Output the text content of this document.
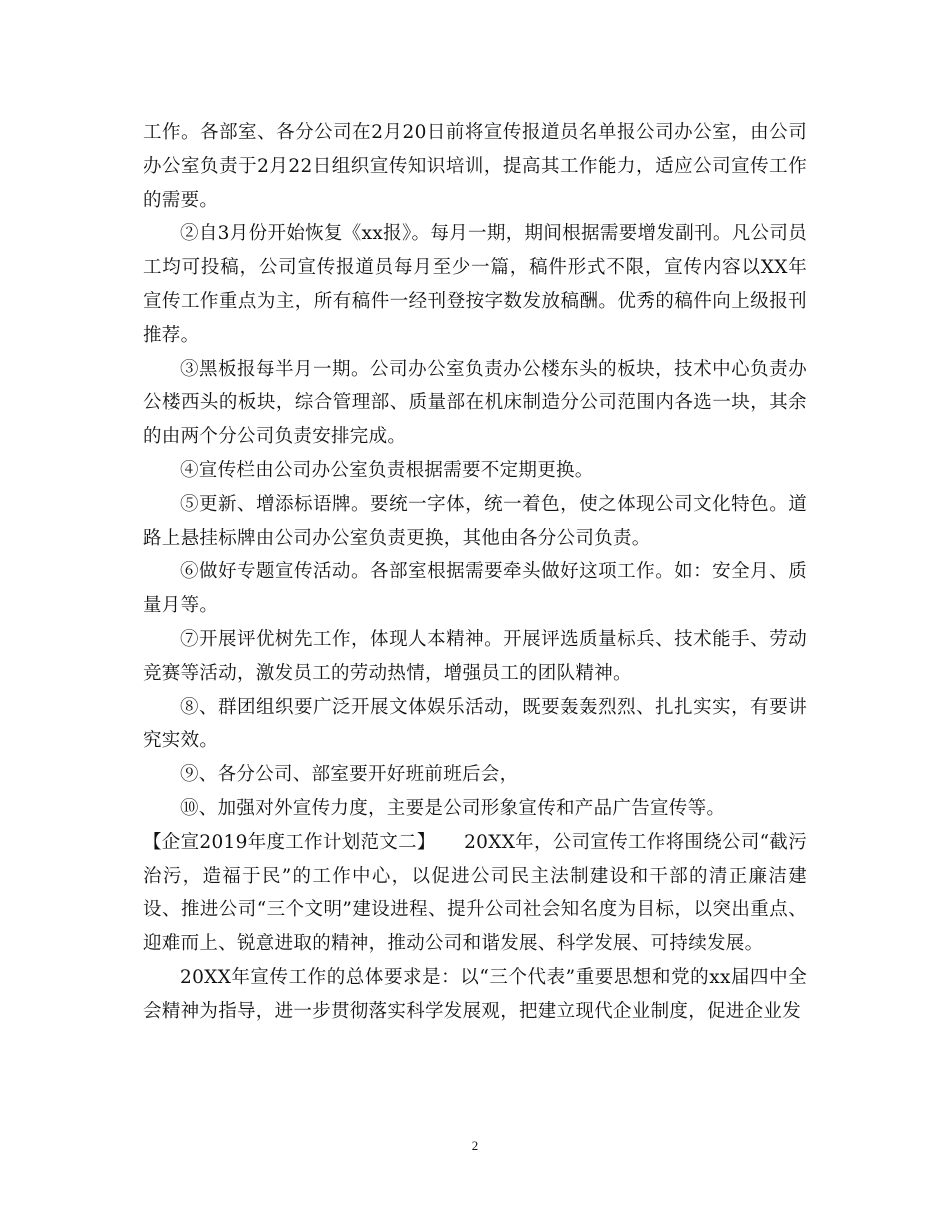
工作。各部室、各分公司在2月20日前将宣传报道员名单报公司办公室，由公司办公室负责于2月22日组织宣传知识培训，提高其工作能力，适应公司宣传工作的需要。

②自3月份开始恢复《xx报》。每月一期，期间根据需要增发副刊。凡公司员工均可投稿，公司宣传报道员每月至少一篇，稿件形式不限，宣传内容以XX年宣传工作重点为主，所有稿件一经刊登按字数发放稿酬。优秀的稿件向上级报刊推荐。

③黑板报每半月一期。公司办公室负责办公楼东头的板块，技术中心负责办公楼西头的板块，综合管理部、质量部在机床制造分公司范围内各选一块，其余的由两个分公司负责安排完成。

④宣传栏由公司办公室负责根据需要不定期更换。

⑤更新、增添标语牌。要统一字体，统一着色，使之体现公司文化特色。道路上悬挂标牌由公司办公室负责更换，其他由各分公司负责。

⑥做好专题宣传活动。各部室根据需要牵头做好这项工作。如：安全月、质量月等。

⑦开展评优树先工作，体现人本精神。开展评选质量标兵、技术能手、劳动竞赛等活动，激发员工的劳动热情，增强员工的团队精神。

⑧、群团组织要广泛开展文体娱乐活动，既要轰轰烈烈、扎扎实实，有要讲究实效。

⑨、各分公司、部室要开好班前班后会，

⑩、加强对外宣传力度，主要是公司形象宣传和产品广告宣传等。

【企宣2019年度工作计划范文二】　　20XX年，公司宣传工作将围绕公司“截污治污，造福于民”的工作中心，以促进公司民主法制建设和干部的清正廉洁建设、推进公司“三个文明”建设进程、提升公司社会知名度为目标，以突出重点、迎难而上、锐意进取的精神，推动公司和谐发展、科学发展、可持续发展。

20XX年宣传工作的总体要求是：以“三个代表”重要思想和党的xx届四中全会精神为指导，进一步贯彻落实科学发展观，把建立现代企业制度，促进企业发

2
